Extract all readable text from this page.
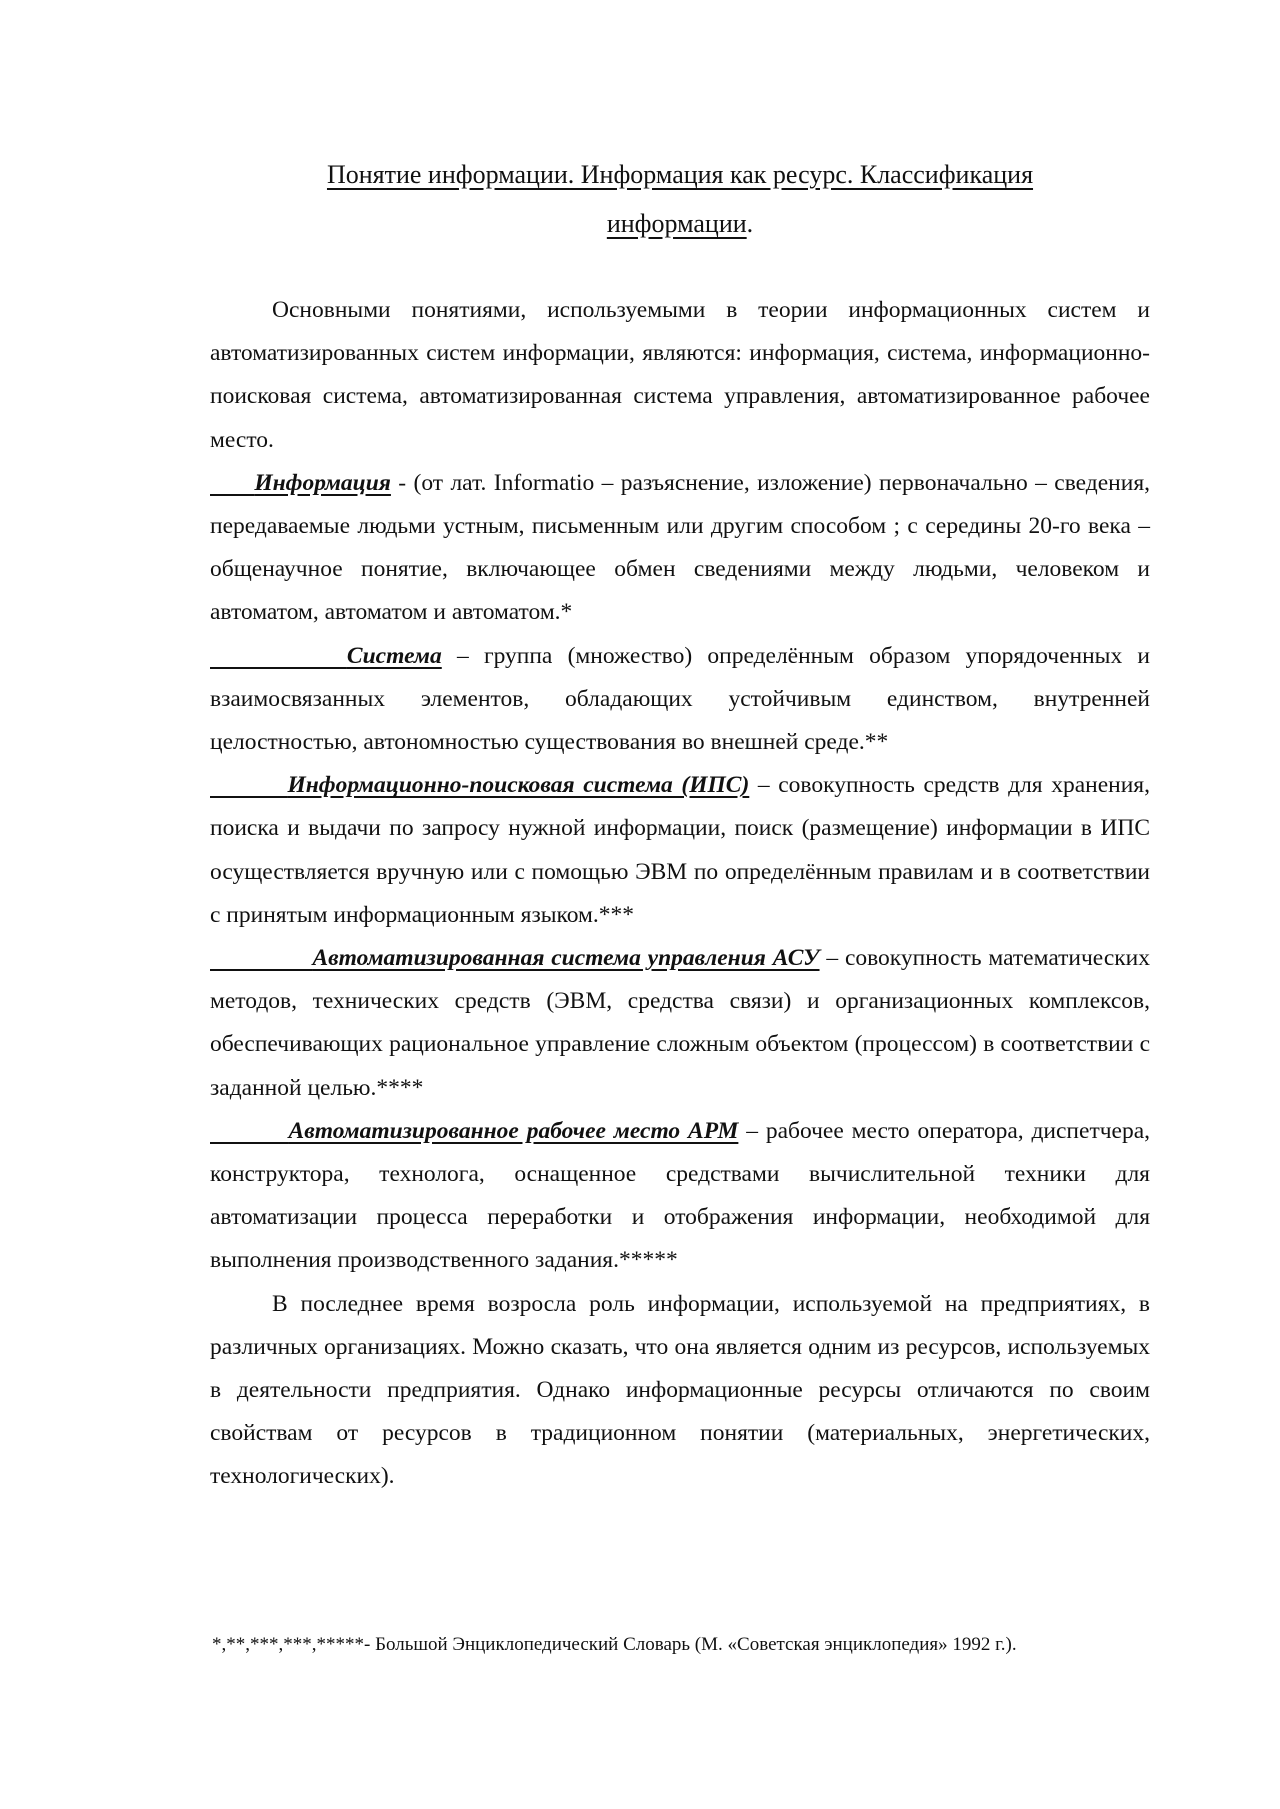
Понятие информации. Информация как ресурс. Классификация
информации.

Основными понятиями, используемыми в теории информационных систем и автоматизированных систем информации, являются: информация, система, информационно-поисковая система, автоматизированная система управления, автоматизированное рабочее место.

Информация - (от лат. Informatio – разъяснение, изложение) первоначально – сведения, передаваемые людьми устным, письменным или другим способом ; с середины 20-го века – общенаучное понятие, включающее обмен сведениями между людьми, человеком и автоматом, автоматом и автоматом.*

Система – группа (множество) определённым образом упорядоченных и взаимосвязанных элементов, обладающих устойчивым единством, внутренней целостностью, автономностью существования во внешней среде.**

Информационно-поисковая система (ИПС) – совокупность средств для хранения, поиска и выдачи по запросу нужной информации, поиск (размещение) информации в ИПС осуществляется вручную или с помощью ЭВМ по определённым правилам и в соответствии с принятым информационным языком.***

Автоматизированная система управления АСУ – совокупность математических методов, технических средств (ЭВМ, средства связи) и организационных комплексов, обеспечивающих рациональное управление сложным объектом (процессом) в соответствии с заданной целью.****

Автоматизированное рабочее место АРМ – рабочее место оператора, диспетчера, конструктора, технолога, оснащенное средствами вычислительной техники для автоматизации процесса переработки и отображения информации, необходимой для выполнения производственного задания.*****

В последнее время возросла роль информации, используемой на предприятиях, в различных организациях. Можно сказать, что она является одним из ресурсов, используемых в деятельности предприятия. Однако информационные ресурсы отличаются по своим свойствам от ресурсов в традиционном понятии (материальных, энергетических, технологических).

*,**,***,***,*****- Большой Энциклопедический Словарь (М. «Советская энциклопедия» 1992 г.).
